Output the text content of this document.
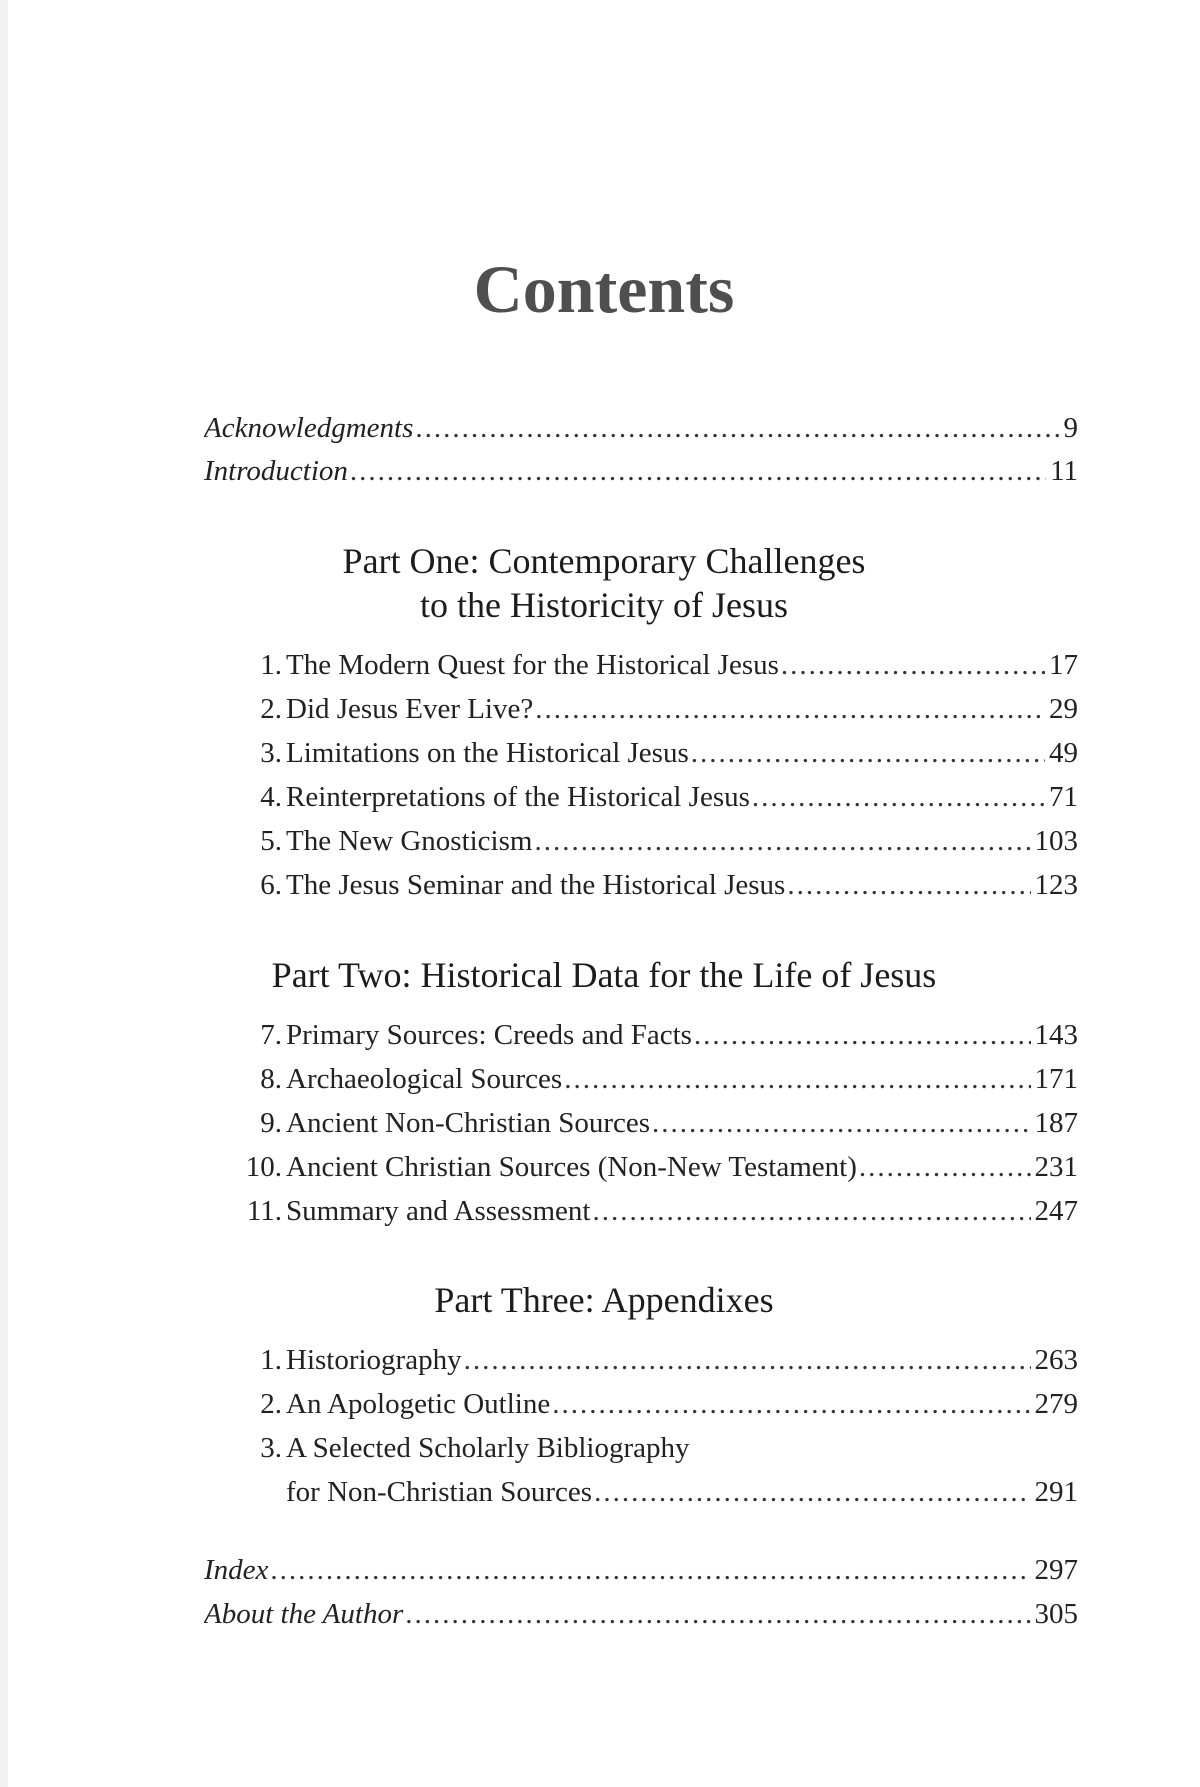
Contents
Acknowledgments .....	9
Introduction .....	11
Part One: Contemporary Challenges
to the Historicity of Jesus
1. The Modern Quest for the Historical Jesus .....	17
2. Did Jesus Ever Live? .....	29
3. Limitations on the Historical Jesus .....	49
4. Reinterpretations of the Historical Jesus .....	71
5. The New Gnosticism .....	103
6. The Jesus Seminar and the Historical Jesus .....	123
Part Two: Historical Data for the Life of Jesus
7. Primary Sources: Creeds and Facts .....	143
8. Archaeological Sources .....	171
9. Ancient Non-Christian Sources .....	187
10. Ancient Christian Sources (Non-New Testament) .....	231
11. Summary and Assessment .....	247
Part Three: Appendixes
1. Historiography .....	263
2. An Apologetic Outline .....	279
3. A Selected Scholarly Bibliography
for Non-Christian Sources .....	291
Index .....	297
About the Author .....	305
